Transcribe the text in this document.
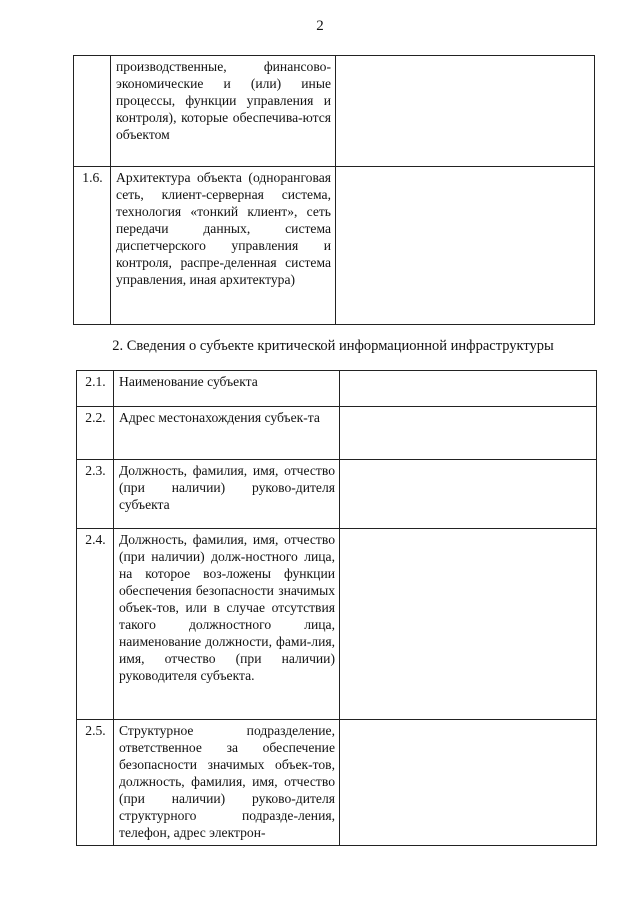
2
	производственные, финансово-экономические и (или) иные процессы, функции управления и контроля), которые обеспечива-ются объектом	
1.6.	Архитектура объекта (одноранговая сеть, клиент-серверная система, технология «тонкий клиент», сеть передачи данных, система диспетчерского управления и контроля, распре-деленная система управления, иная архитектура)	
2. Сведения о субъекте критической информационной инфраструктуры
2.1.	Наименование субъекта	
2.2.	Адрес местонахождения субъек-та	
2.3.	Должность, фамилия, имя, отчество (при наличии) руково-дителя субъекта	
2.4.	Должность, фамилия, имя, отчество (при наличии) долж-ностного лица, на которое воз-ложены функции обеспечения безопасности значимых объек-тов, или в случае отсутствия такого должностного лица, наименование должности, фами-лия, имя, отчество (при наличии) руководителя субъекта.	
2.5.	Структурное подразделение, ответственное за обеспечение безопасности значимых объек-тов, должность, фамилия, имя, отчество (при наличии) руково-дителя структурного подразде-ления, телефон, адрес электрон-	
